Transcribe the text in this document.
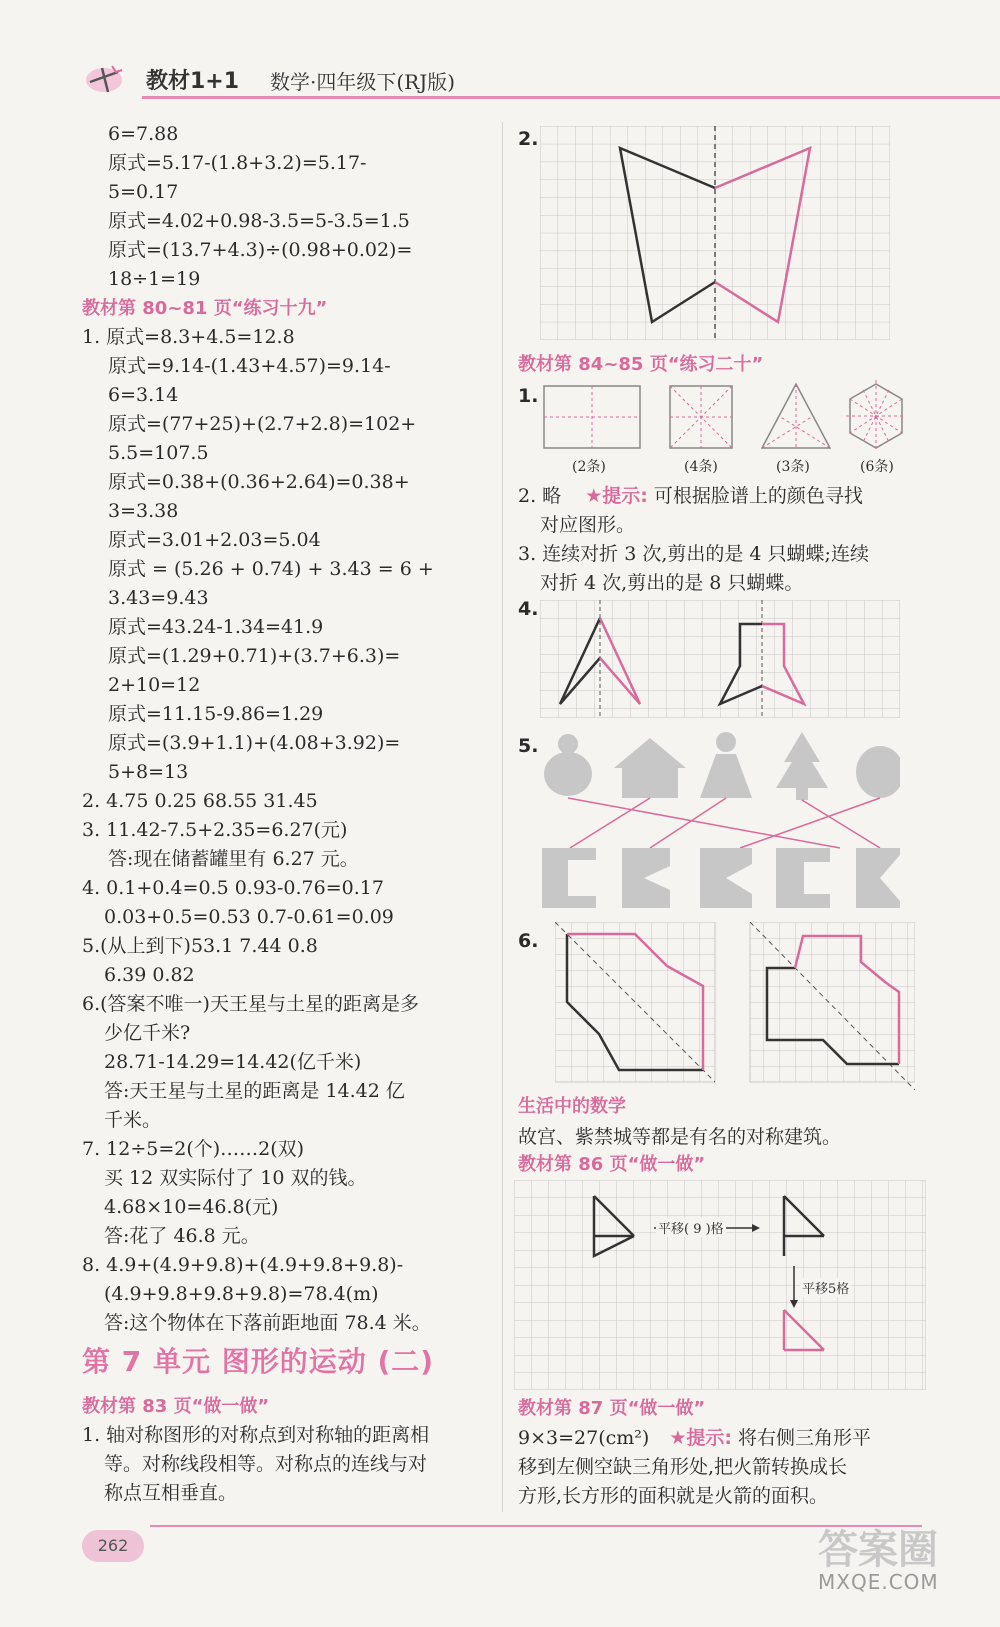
教材1+1 数学·四年级下(RJ版)
6=7.88
原式=5.17-(1.8+3.2)=5.17-
5=0.17
原式=4.02+0.98-3.5=5-3.5=1.5
原式=(13.7+4.3)÷(0.98+0.02)=
18÷1=19
教材第 80~81 页“练习十九”
1. 原式=8.3+4.5=12.8
原式=9.14-(1.43+4.57)=9.14-
6=3.14
原式=(77+25)+(2.7+2.8)=102+
5.5=107.5
原式=0.38+(0.36+2.64)=0.38+
3=3.38
原式=3.01+2.03=5.04
原式 = (5.26 + 0.74) + 3.43 = 6 +
3.43=9.43
原式=43.24-1.34=41.9
原式=(1.29+0.71)+(3.7+6.3)=
2+10=12
原式=11.15-9.86=1.29
原式=(3.9+1.1)+(4.08+3.92)=
5+8=13
2. 4.75 0.25 68.55 31.45
3. 11.42-7.5+2.35=6.27(元)
答:现在储蓄罐里有 6.27 元。
4. 0.1+0.4=0.5 0.93-0.76=0.17
0.03+0.5=0.53 0.7-0.61=0.09
5.(从上到下)53.1 7.44 0.8
6.39 0.82
6.(答案不唯一)天王星与土星的距离是多
少亿千米?
28.71-14.29=14.42(亿千米)
答:天王星与土星的距离是 14.42 亿
千米。
7. 12÷5=2(个)……2(双)
买 12 双实际付了 10 双的钱。
4.68×10=46.8(元)
答:花了 46.8 元。
8. 4.9+(4.9+9.8)+(4.9+9.8+9.8)-
(4.9+9.8+9.8+9.8)=78.4(m)
答:这个物体在下落前距地面 78.4 米。
第 7 单元 图形的运动 (二)
教材第 83 页“做一做”
1. 轴对称图形的对称点到对称轴的距离相
等。对称线段相等。对称点的连线与对
称点互相垂直。
2.
教材第 84~85 页“练习二十”
1.
(2条)	(4条)	(3条)	(6条)
2. 略 ★提示: 可根据脸谱上的颜色寻找
对应图形。
3. 连续对折 3 次,剪出的是 4 只蝴蝶;连续
对折 4 次,剪出的是 8 只蝴蝶。
4.
5.
6.
生活中的数学
故宫、紫禁城等都是有名的对称建筑。
教材第 86 页“做一做”
平移( 9 )格
平移5格
教材第 87 页“做一做”
9×3=27(cm²) ★提示: 将右侧三角形平
移到左侧空缺三角形处,把火箭转换成长
方形,长方形的面积就是火箭的面积。
262	答案圈
MXQE.COM
